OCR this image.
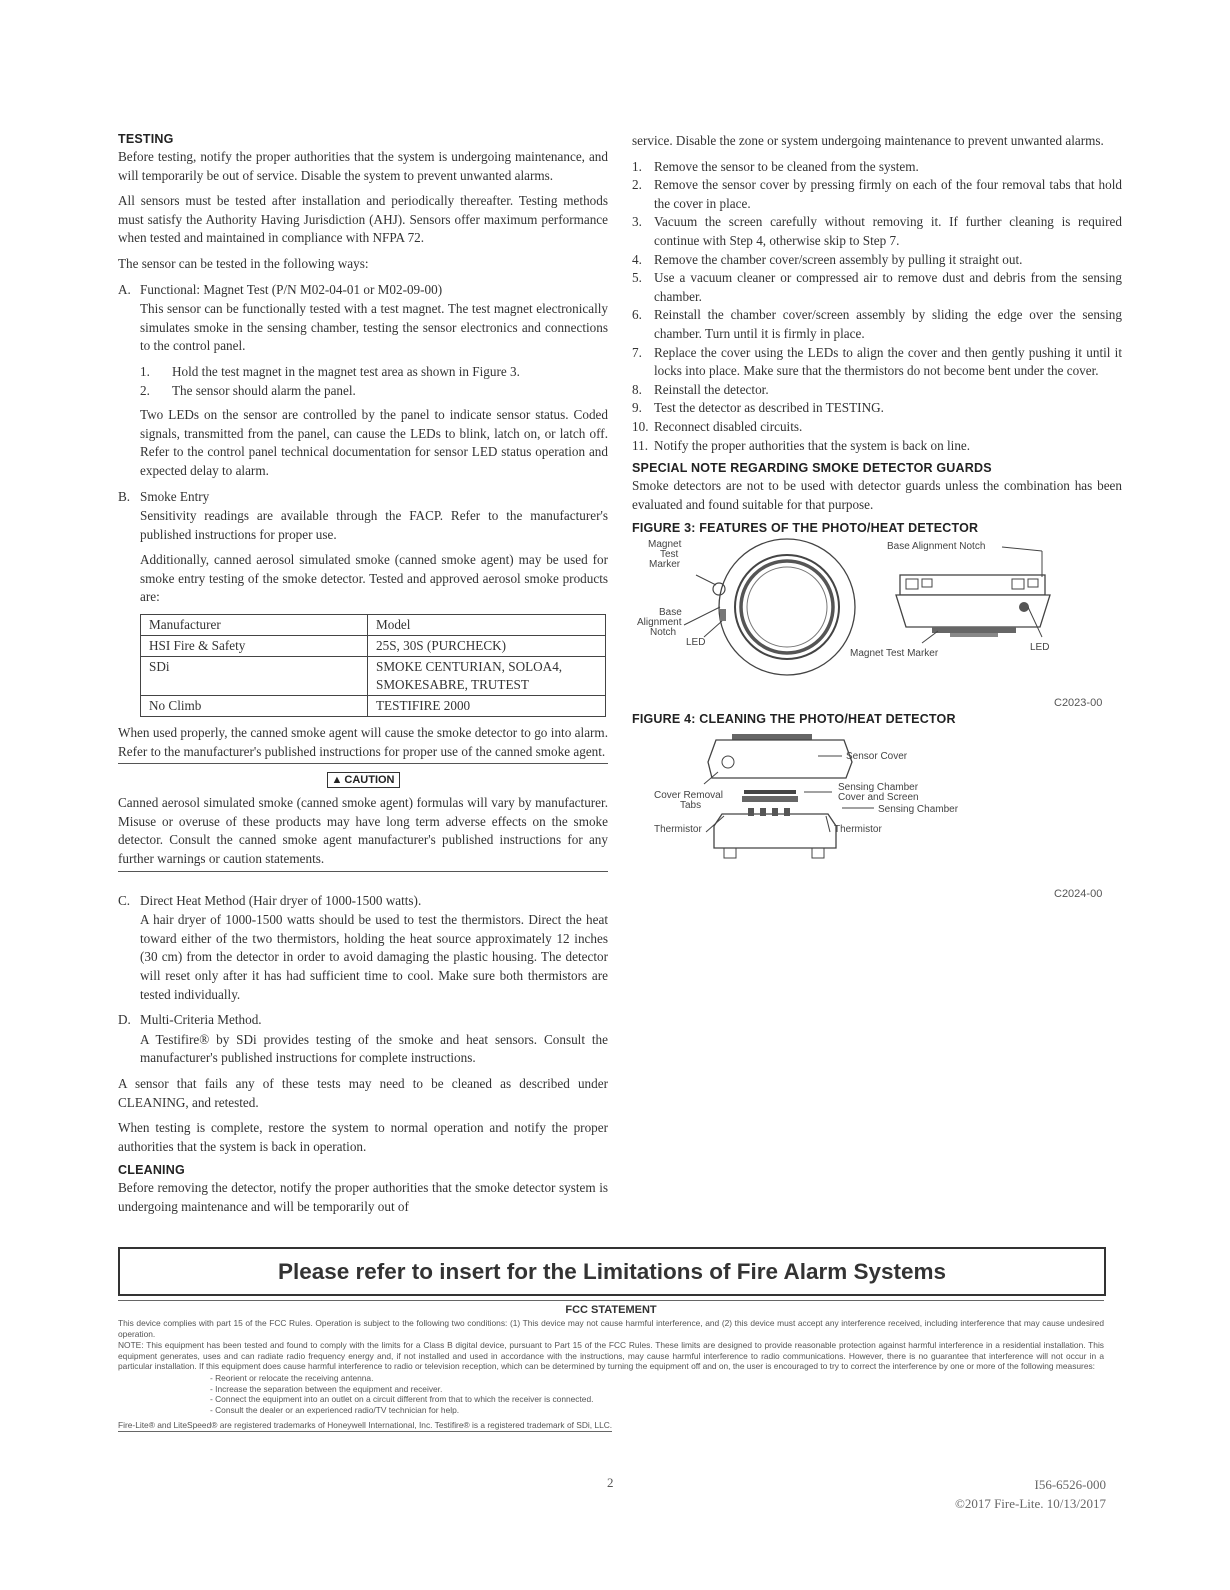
TESTING

Before testing, notify the proper authorities that the system is undergoing maintenance, and will temporarily be out of service. Disable the system to prevent unwanted alarms.

All sensors must be tested after installation and periodically thereafter. Testing methods must satisfy the Authority Having Jurisdiction (AHJ). Sensors offer maximum performance when tested and maintained in compliance with NFPA 72.

The sensor can be tested in the following ways:

A. Functional: Magnet Test (P/N M02-04-01 or M02-09-00)

This sensor can be functionally tested with a test magnet. The test magnet electronically simulates smoke in the sensing chamber, testing the sensor electronics and connections to the control panel.

1.	Hold the test magnet in the magnet test area as shown in Figure 3.
2.	The sensor should alarm the panel.

Two LEDs on the sensor are controlled by the panel to indicate sensor status. Coded signals, transmitted from the panel, can cause the LEDs to blink, latch on, or latch off. Refer to the control panel technical documentation for sensor LED status operation and expected delay to alarm.

B. Smoke Entry

Sensitivity readings are available through the FACP. Refer to the manufacturer's published instructions for proper use.

Additionally, canned aerosol simulated smoke (canned smoke agent) may be used for smoke entry testing of the smoke detector. Tested and approved aerosol smoke products are:

Manufacturer	Model
HSI Fire & Safety	25S, 30S (PURCHECK)
SDi	SMOKE CENTURIAN, SOLOA4, SMOKESABRE, TRUTEST
No Climb	TESTIFIRE 2000

When used properly, the canned smoke agent will cause the smoke detector to go into alarm. Refer to the manufacturer's published instructions for proper use of the canned smoke agent.

▲ CAUTION

Canned aerosol simulated smoke (canned smoke agent) formulas will vary by manufacturer. Misuse or overuse of these products may have long term adverse effects on the smoke detector. Consult the canned smoke agent manufacturer's published instructions for any further warnings or caution statements.

C. Direct Heat Method (Hair dryer of 1000-1500 watts).

A hair dryer of 1000-1500 watts should be used to test the thermistors. Direct the heat toward either of the two thermistors, holding the heat source approximately 12 inches (30 cm) from the detector in order to avoid damaging the plastic housing. The detector will reset only after it has had sufficient time to cool. Make sure both thermistors are tested individually.

D. Multi-Criteria Method.

A Testifire® by SDi provides testing of the smoke and heat sensors. Consult the manufacturer's published instructions for complete instructions.

A sensor that fails any of these tests may need to be cleaned as described under CLEANING, and retested.

When testing is complete, restore the system to normal operation and notify the proper authorities that the system is back in operation.

CLEANING

Before removing the detector, notify the proper authorities that the smoke detector system is undergoing maintenance and will be temporarily out of

service. Disable the zone or system undergoing maintenance to prevent unwanted alarms.

1. Remove the sensor to be cleaned from the system.
2. Remove the sensor cover by pressing firmly on each of the four removal tabs that hold the cover in place.
3. Vacuum the screen carefully without removing it. If further cleaning is required continue with Step 4, otherwise skip to Step 7.
4. Remove the chamber cover/screen assembly by pulling it straight out.
5. Use a vacuum cleaner or compressed air to remove dust and debris from the sensing chamber.
6. Reinstall the chamber cover/screen assembly by sliding the edge over the sensing chamber. Turn until it is firmly in place.
7. Replace the cover using the LEDs to align the cover and then gently pushing it until it locks into place. Make sure that the thermistors do not become bent under the cover.
8. Reinstall the detector.
9. Test the detector as described in TESTING.
10. Reconnect disabled circuits.
11. Notify the proper authorities that the system is back on line.
SPECIAL NOTE REGARDING SMOKE DETECTOR GUARDS

Smoke detectors are not to be used with detector guards unless the combination has been evaluated and found suitable for that purpose.

FIGURE 3: FEATURES OF THE PHOTO/HEAT DETECTOR
Magnet
Test
Marker
Base
Alignment
Notch
LED
Base Alignment Notch
Magnet Test Marker
LED
C2023-00
FIGURE 4: CLEANING THE PHOTO/HEAT DETECTOR
Sensor Cover
Sensing Chamber
Cover and Screen
Cover Removal
Tabs	Sensing Chamber
Thermistor	Thermistor
C2024-00
Please refer to insert for the Limitations of Fire Alarm Systems
FCC STATEMENT

This device complies with part 15 of the FCC Rules. Operation is subject to the following two conditions: (1) This device may not cause harmful interference, and (2) this device must accept any interference received, including interference that may cause undesired operation.

NOTE: This equipment has been tested and found to comply with the limits for a Class B digital device, pursuant to Part 15 of the FCC Rules. These limits are designed to provide reasonable protection against harmful interference in a residential installation. This equipment generates, uses and can radiate radio frequency energy and, if not installed and used in accordance with the instructions, may cause harmful interference to radio communications. However, there is no guarantee that interference will not occur in a particular installation. If this equipment does cause harmful interference to radio or television reception, which can be determined by turning the equipment off and on, the user is encouraged to try to correct the interference by one or more of the following measures:

- Reorient or relocate the receiving antenna.
- Increase the separation between the equipment and receiver.
- Connect the equipment into an outlet on a circuit different from that to which the receiver is connected.
- Consult the dealer or an experienced radio/TV technician for help.
Fire-Lite® and LiteSpeed® are registered trademarks of Honeywell International, Inc. Testifire® is a registered trademark of SDi, LLC.
2	I56-6526-000
©2017 Fire-Lite. 10/13/2017
